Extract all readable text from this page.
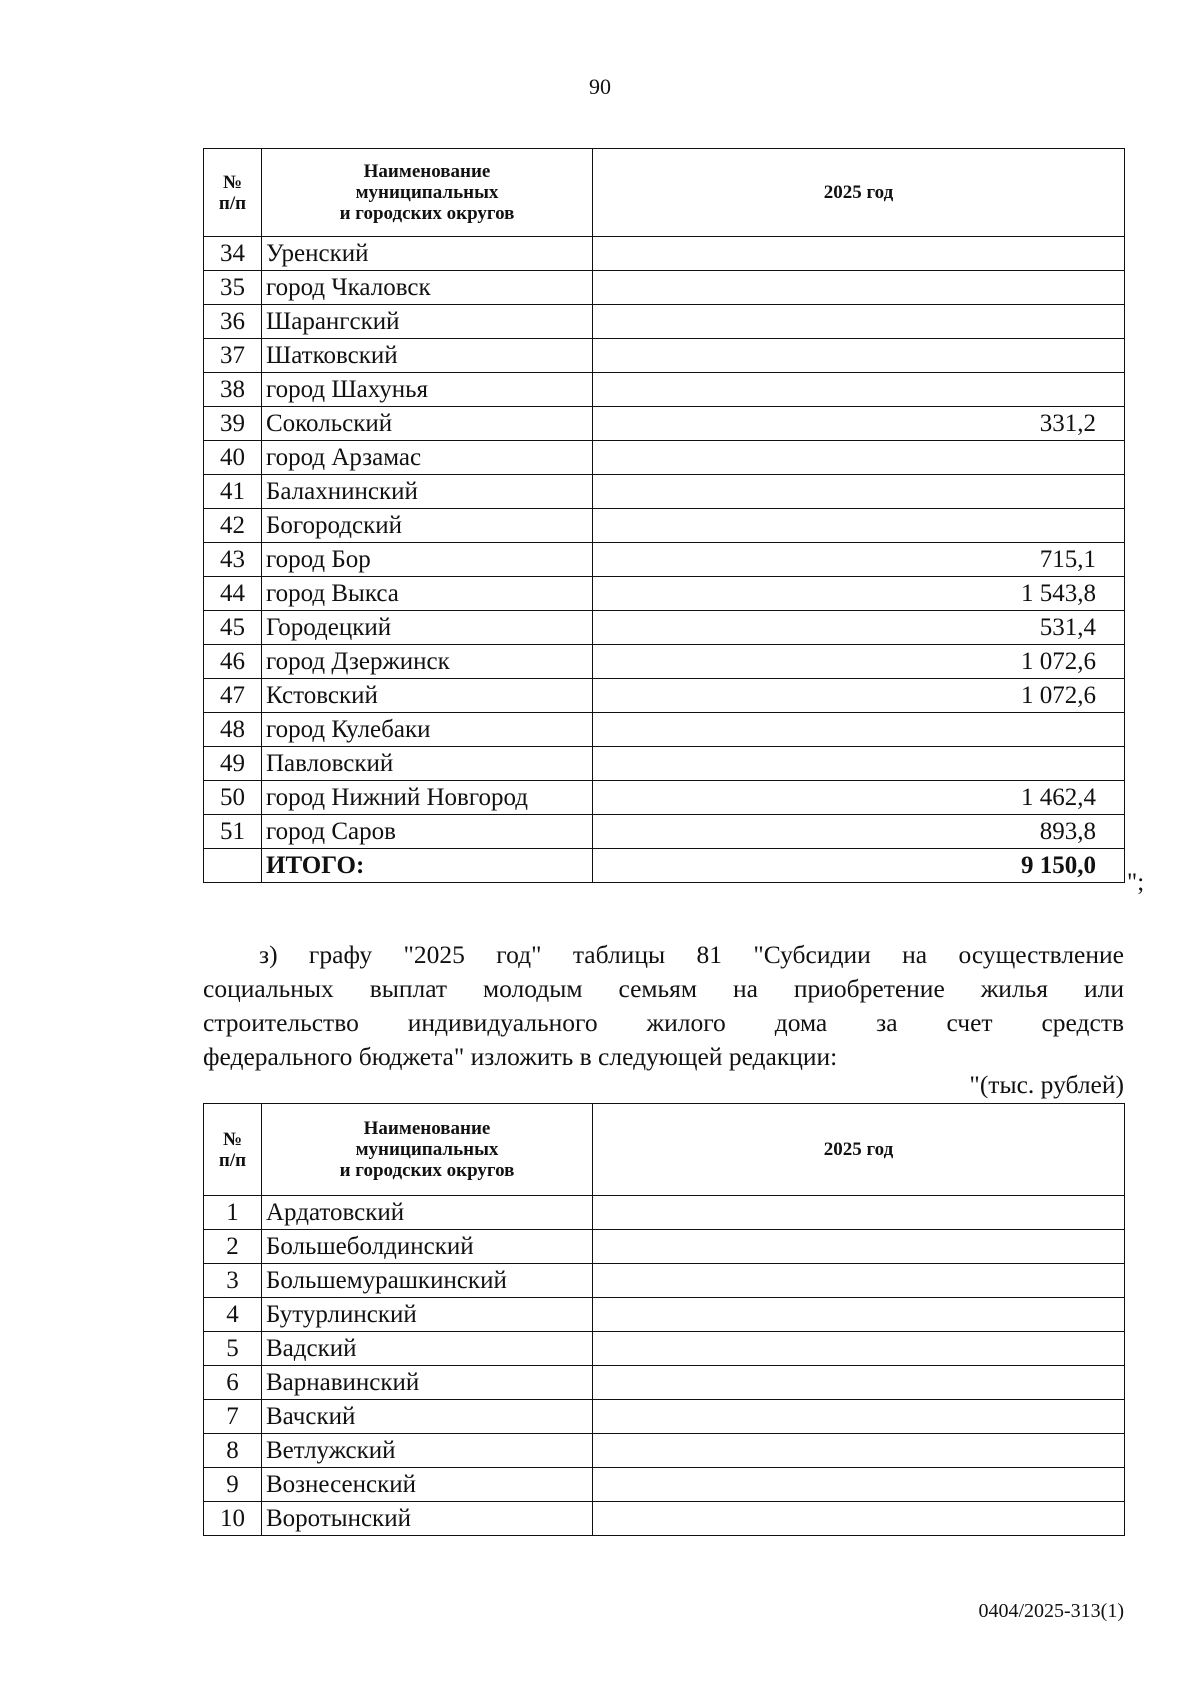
90
№
п/п	Наименование
муниципальных
и городских округов	2025 год
34	Уренский	
35	город Чкаловск	
36	Шарангский	
37	Шатковский	
38	город Шахунья	
39	Сокольский	331,2
40	город Арзамас	
41	Балахнинский	
42	Богородский	
43	город Бор	715,1
44	город Выкса	1 543,8
45	Городецкий	531,4
46	город Дзержинск	1 072,6
47	Кстовский	1 072,6
48	город Кулебаки	
49	Павловский	
50	город Нижний Новгород	1 462,4
51	город Саров	893,8
	ИТОГО:	9 150,0
";
з) графу "2025 год" таблицы 81 "Субсидии на осуществление
социальных выплат молодым семьям на приобретение жилья или
строительство индивидуального жилого дома за счет средств
федерального бюджета" изложить в следующей редакции:
"(тыс. рублей)
№
п/п	Наименование
муниципальных
и городских округов	2025 год
1	Ардатовский	
2	Большеболдинский	
3	Большемурашкинский	
4	Бутурлинский	
5	Вадский	
6	Варнавинский	
7	Вачский	
8	Ветлужский	
9	Вознесенский	
10	Воротынский	
0404/2025-313(1)
